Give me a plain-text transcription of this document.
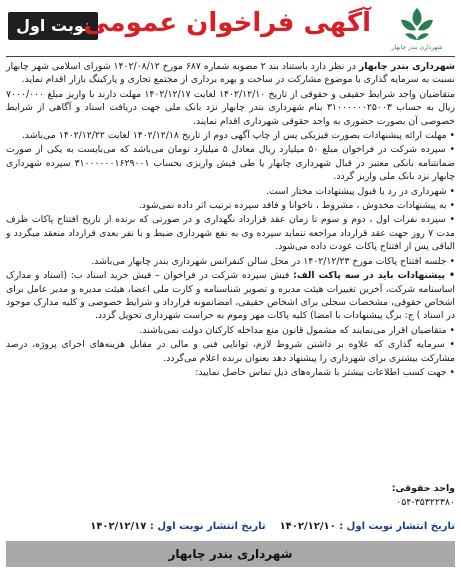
نوبت اول
آگهی فراخوان عمومی
شهرداری بندر چابهار

شهرداری بندر چابهار در نظر دارد باستناد بند ۲ مصوبه شماره ۶۸۷ مورخ ۱۴۰۲/۰۸/۱۲ شورای اسلامی شهر چابهار نسبت به سرمایه گذاری با موضوع مشارکت در ساخت و بهره برداری از مجتمع تجاری و پارکینگ بازار اقدام نماید.

متقاضیان واجد شرایط حقیقی و حقوقی از تاریخ ۱۴۰۲/۱۲/۱۰ لغایت ۱۴۰۲/۱۲/۱۷ مهلت دارند با واریز مبلغ ۷۰۰۰/۰۰۰ ریال به حساب ۳۱۰۰۰۰۰۰۲۵۰۰۳ بنام شهرداری بندر چابهار نزد بانک ملی جهت دریافت اسناد و آگاهی از شرایط خصوصی آن بصورت حضوری به واحد حقوقی شهرداری اقدام نمایند.

• مهلت ارائه پیشنهادات بصورت فیزیکی پس از چاپ آگهی دوم از تاریخ ۱۴۰۲/۱۲/۱۸ لغایت ۱۴۰۲/۱۲/۲۲ می‌باشد.

• سپرده شرکت در فراخوان مبلغ ۵۰ میلیارد ریال معادل ۵ میلیارد تومان می‌باشد که می‌بایست به یکی از صورت ضمانتنامه بانکی معتبر در قبال شهرداری چابهار یا طی فیش واریزی بحساب ۳۱۰۰۰۰۰۰۱۶۲۹۰۰۱ سپرده شهرداری چابهار نزد بانک ملی واریز گردد.

• شهرداری در رد یا قبول پیشنهادات مختار است.

• به پیشنهادات مخدوش ، مشروط ، ناخوانا و فاقد سپرده ترتیب اثر داده نمی‌شود.

• سپرده نفرات اول ، دوم و سوم تا زمان عقد قرارداد نگهداری و در صورتی که برنده از تاریخ افتتاح پاکات ظرف مدت ۷ روز جهت عقد قرارداد مراجعه ننماید سپرده وی به نفع شهرداری ضبط و با نفر بعدی قرارداد منعقد میگردد و الباقی پس از افتتاح پاکات عودت داده می‌شود.

• جلسه افتتاح پاکات مورخ ۱۴۰۲/۱۲/۲۳ در محل سالن کنفرانس شهرداری بندر چابهار می‌باشد.

• پیشنهادات باید در سه پاکت الف: فیش سپرده شرکت در فراخوان – فیش خرید اسناد ب: (اسناد و مدارک اساسنامه شرکت، آخرین تغییرات هیئت مدیره و تصویر شناسنامه و کارت ملی اعضا، هیئت مدیره و مدیر عامل برای اشخاص حقوقی، مشخصات سجلی برای اشخاص حقیقی، امضانمونه قرارداد و شرایط خصوصی و کلیه مدارک موجود در اسناد ) ج: برگ پیشنهادات با امضا) کلیه پاکات مهر وموم به حراست شهرداری تحویل گردد.

• متقاضیان اقرار می‌نمایند که مشمول قانون منع مداخله کارکنان دولت نمی‌باشند.

• سرمایه گذاری که علاوه بر داشتن شروط لازم، توانایی فنی و مالی در مقابل هزینه‌های اجرای پروژه، درصد مشارکت بیشتری برای شهرداری را پیشنهاد دهد بعنوان برنده اعلام می‌گردد.

• جهت کسب اطلاعات بیشتر با شماره‌های ذیل تماس حاصل نمایید:

واحد حقوقی:
۰۵۴-۳۵۳۲۲۳۸۰
تاریخ انتشار نوبت اول : ۱۴۰۲/۱۲/۱۰    تاریخ انتشار نوبت اول : ۱۴۰۲/۱۲/۱۷
شهرداری بندر چابهار
